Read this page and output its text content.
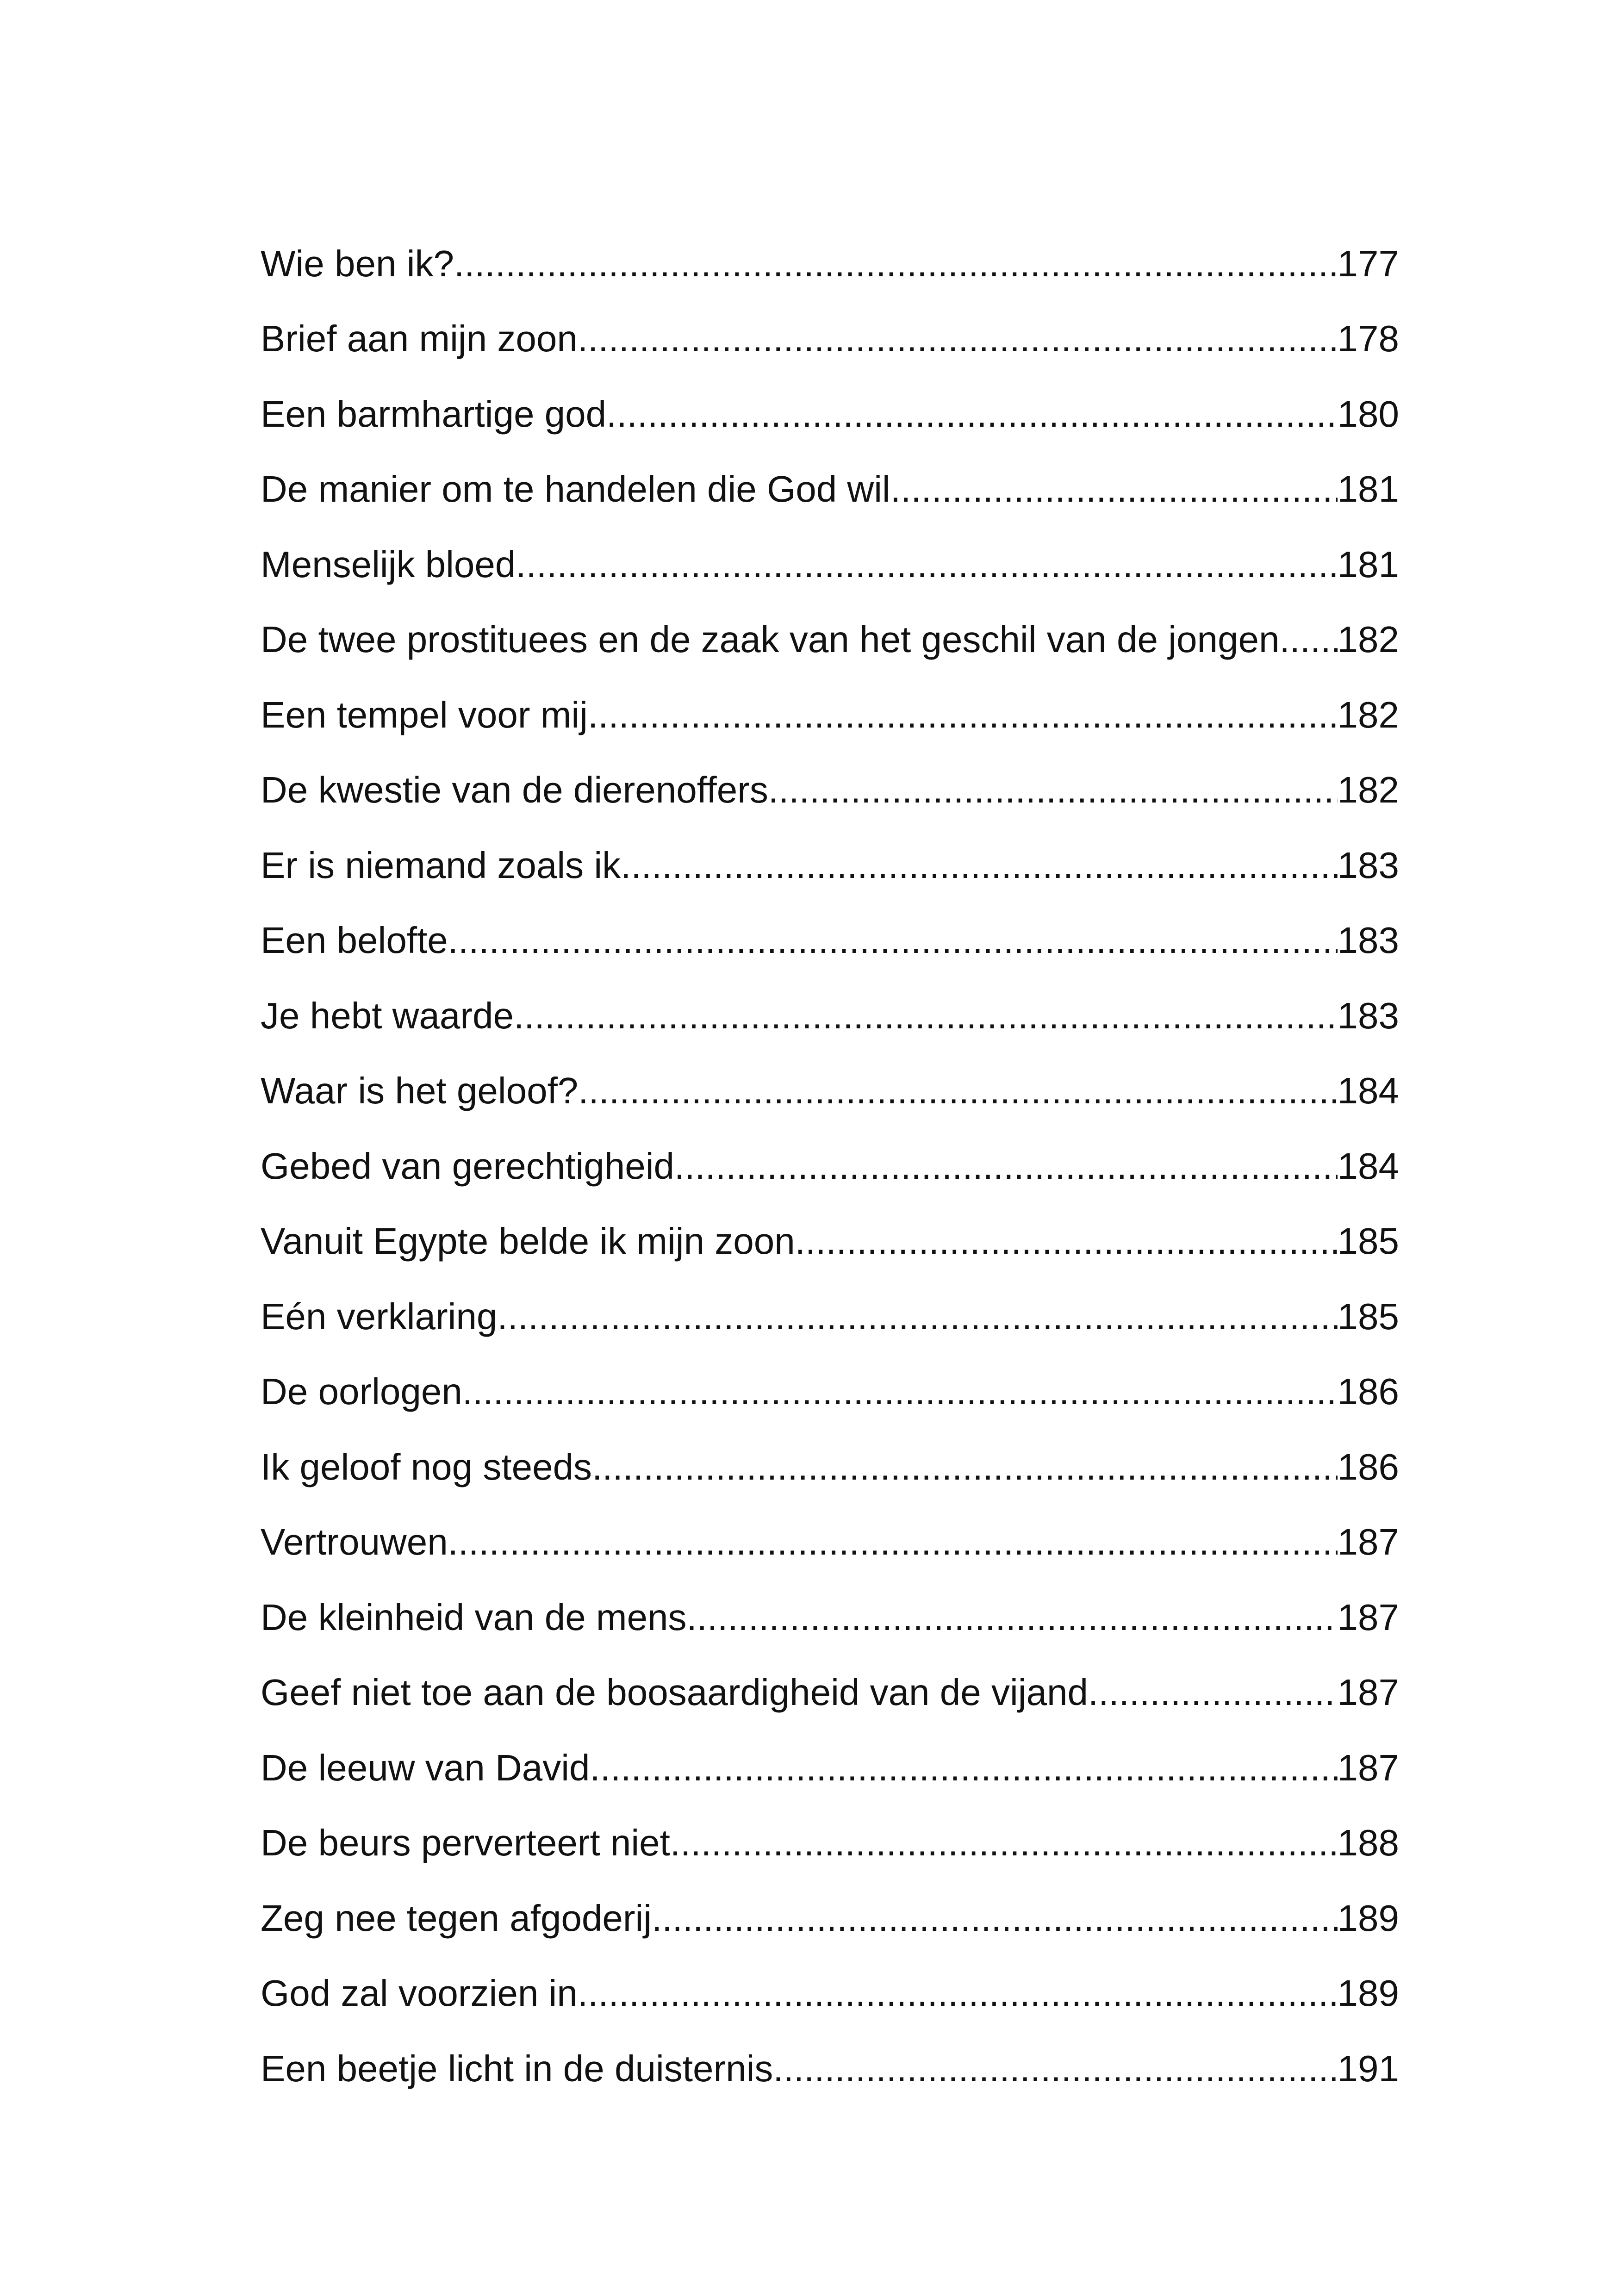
Wie ben ik? .....	177
Brief aan mijn zoon .....	178
Een barmhartige god .....	180
De manier om te handelen die God wil .....	181
Menselijk bloed .....	181
De twee prostituees en de zaak van het geschil van de jongen ..... 182
Een tempel voor mij .....	182
De kwestie van de dierenoffers .....	182
Er is niemand zoals ik .....	183
Een belofte .....	183
Je hebt waarde .....	183
Waar is het geloof? .....	184
Gebed van gerechtigheid .....	184
Vanuit Egypte belde ik mijn zoon .....	185
Eén verklaring .....	185
De oorlogen .....	186
Ik geloof nog steeds .....	186
Vertrouwen .....	187
De kleinheid van de mens .....	187
Geef niet toe aan de boosaardigheid van de vijand .....	187
De leeuw van David .....	187
De beurs perverteert niet .....	188
Zeg nee tegen afgoderij .....	189
God zal voorzien in .....	189
Een beetje licht in de duisternis .....	191
